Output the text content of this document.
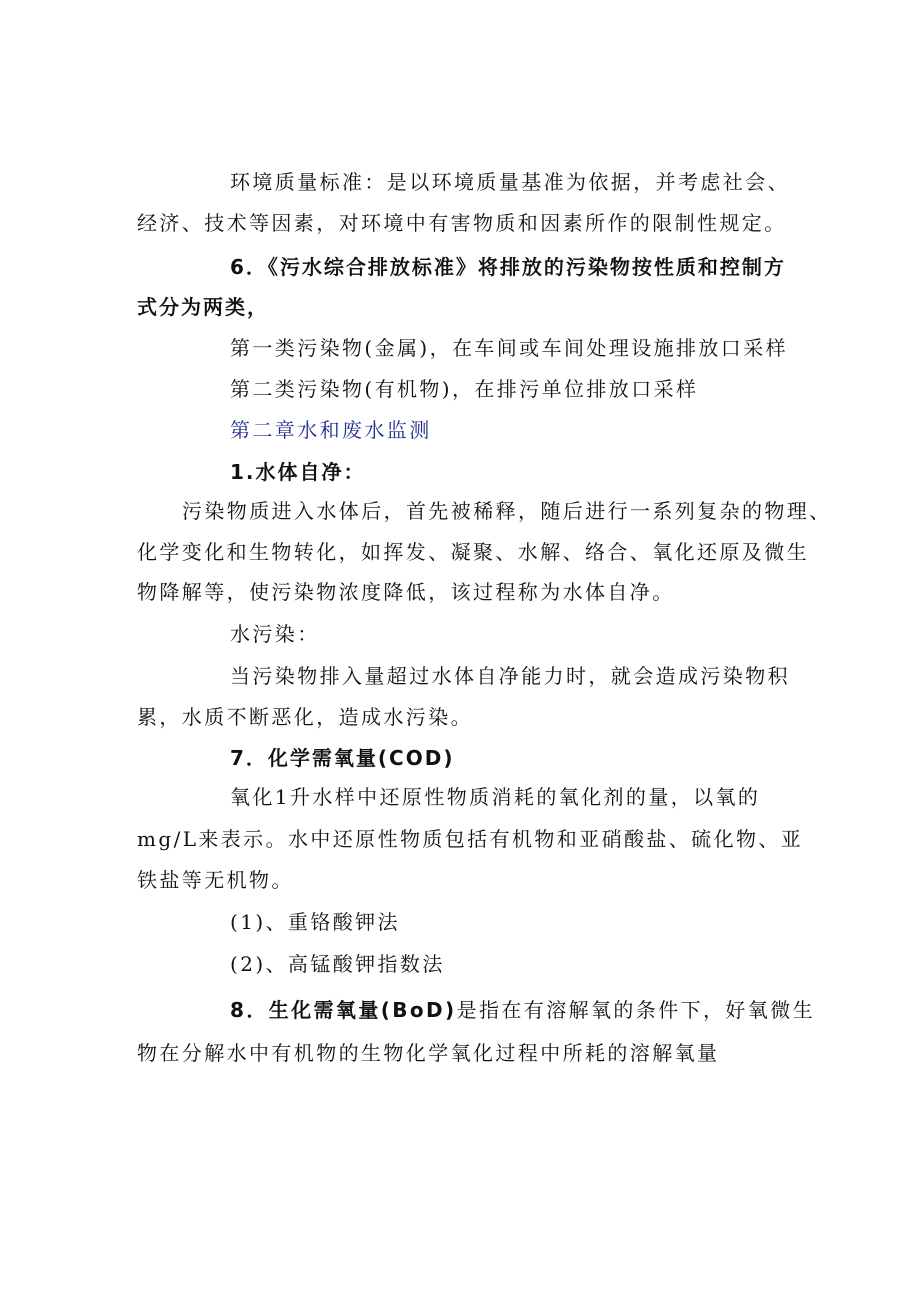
环境质量标准：是以环境质量基准为依据，并考虑社会、
经济、技术等因素，对环境中有害物质和因素所作的限制性规定。
6．《污水综合排放标准》将排放的污染物按性质和控制方
式分为两类，
第一类污染物(金属)，在车间或车间处理设施排放口采样
第二类污染物(有机物)，在排污单位排放口采样
第二章水和废水监测
1.水体自净：
污染物质进入水体后，首先被稀释，随后进行一系列复杂的物理、
化学变化和生物转化，如挥发、凝聚、水解、络合、氧化还原及微生
物降解等，使污染物浓度降低，该过程称为水体自净。
水污染：
当污染物排入量超过水体自净能力时，就会造成污染物积
累，水质不断恶化，造成水污染。
7．化学需氧量(COD)
氧化1升水样中还原性物质消耗的氧化剂的量，以氧的
mg/L来表示。水中还原性物质包括有机物和亚硝酸盐、硫化物、亚
铁盐等无机物。
(1)、重铬酸钾法
(2)、高锰酸钾指数法
8．生化需氧量(BoD)是指在有溶解氧的条件下，好氧微生
物在分解水中有机物的生物化学氧化过程中所耗的溶解氧量
